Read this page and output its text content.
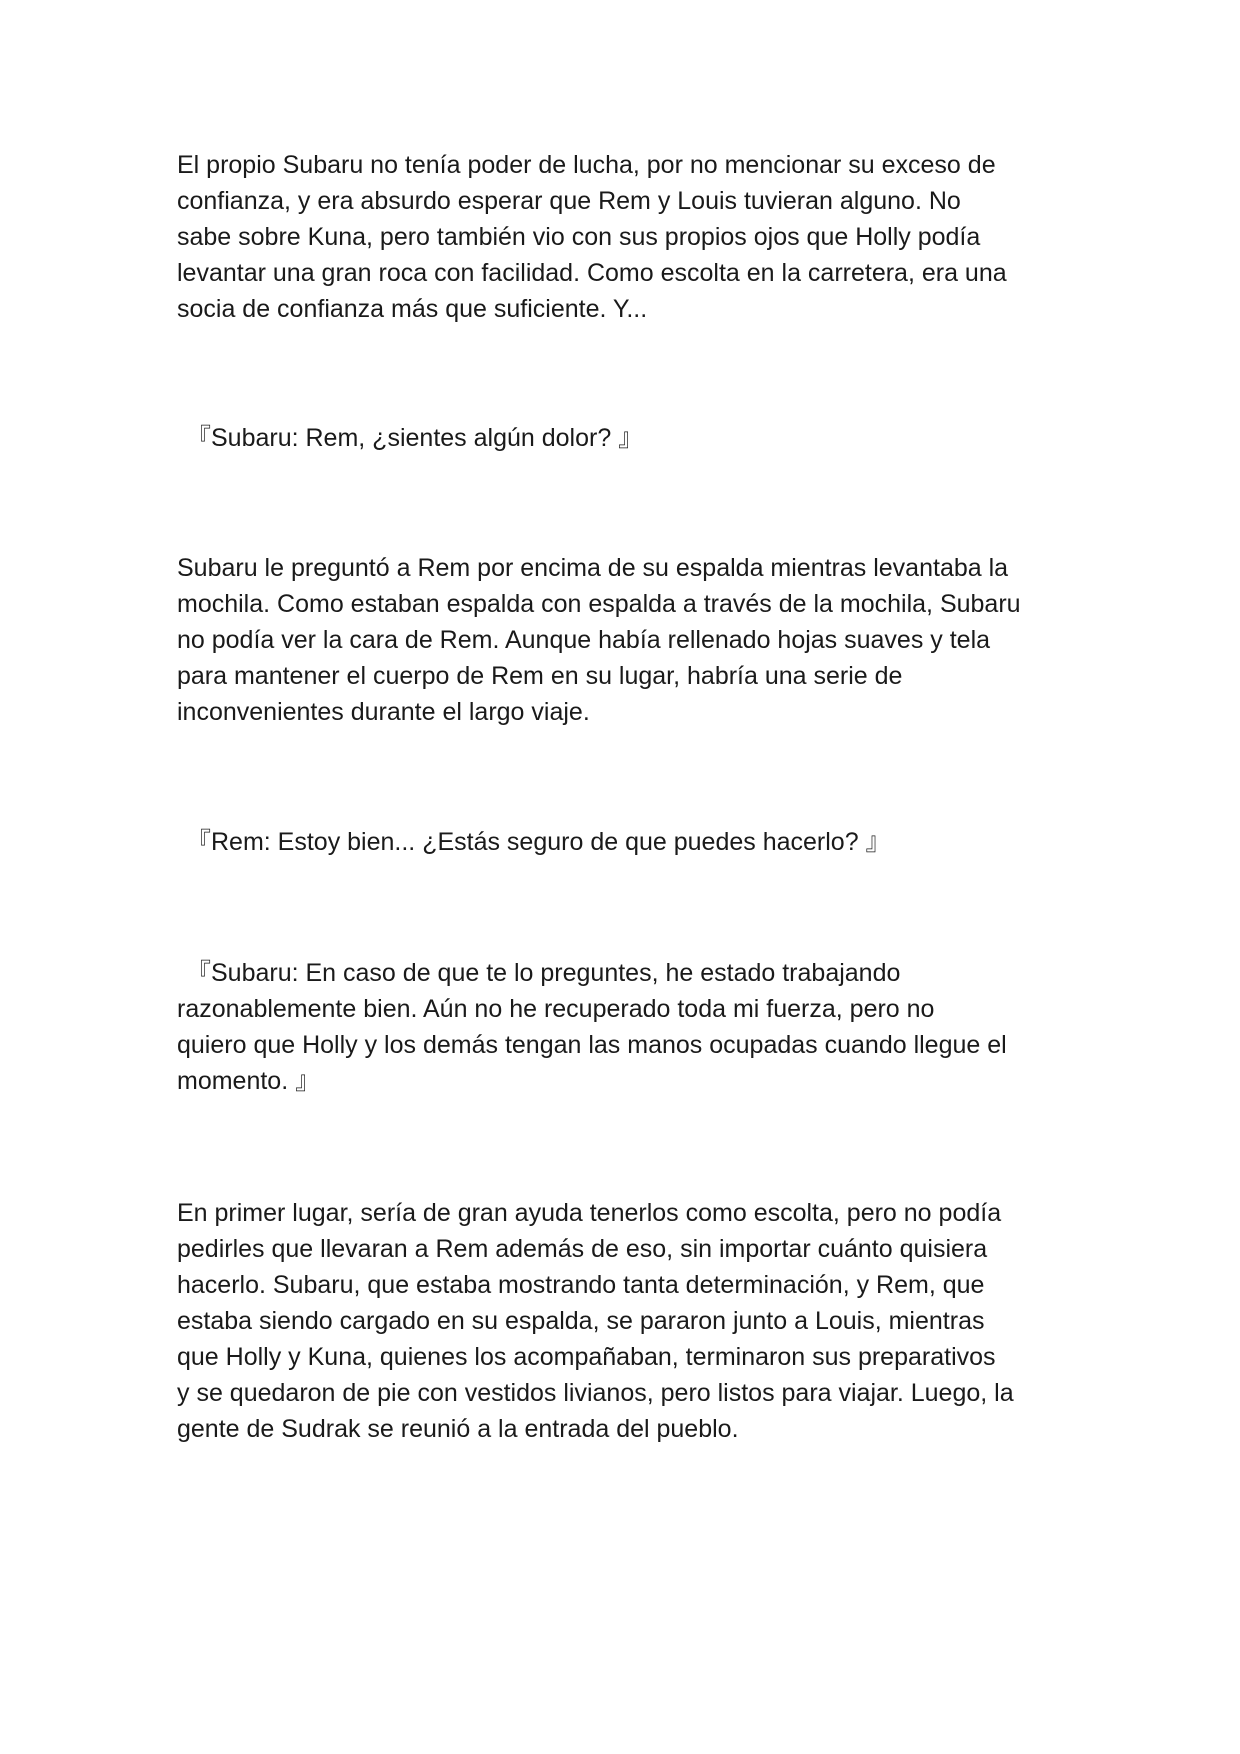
El propio Subaru no tenía poder de lucha, por no mencionar su exceso de
confianza, y era absurdo esperar que Rem y Louis tuvieran alguno. No
sabe sobre Kuna, pero también vio con sus propios ojos que Holly podía
levantar una gran roca con facilidad. Como escolta en la carretera, era una
socia de confianza más que suficiente. Y...

『Subaru: Rem, ¿sientes algún dolor? 』

Subaru le preguntó a Rem por encima de su espalda mientras levantaba la
mochila. Como estaban espalda con espalda a través de la mochila, Subaru
no podía ver la cara de Rem. Aunque había rellenado hojas suaves y tela
para mantener el cuerpo de Rem en su lugar, habría una serie de
inconvenientes durante el largo viaje.

『Rem: Estoy bien... ¿Estás seguro de que puedes hacerlo? 』

『Subaru: En caso de que te lo preguntes, he estado trabajando
razonablemente bien. Aún no he recuperado toda mi fuerza, pero no
quiero que Holly y los demás tengan las manos ocupadas cuando llegue el
momento. 』

En primer lugar, sería de gran ayuda tenerlos como escolta, pero no podía
pedirles que llevaran a Rem además de eso, sin importar cuánto quisiera
hacerlo. Subaru, que estaba mostrando tanta determinación, y Rem, que
estaba siendo cargado en su espalda, se pararon junto a Louis, mientras
que Holly y Kuna, quienes los acompañaban, terminaron sus preparativos
y se quedaron de pie con vestidos livianos, pero listos para viajar. Luego, la
gente de Sudrak se reunió a la entrada del pueblo.
